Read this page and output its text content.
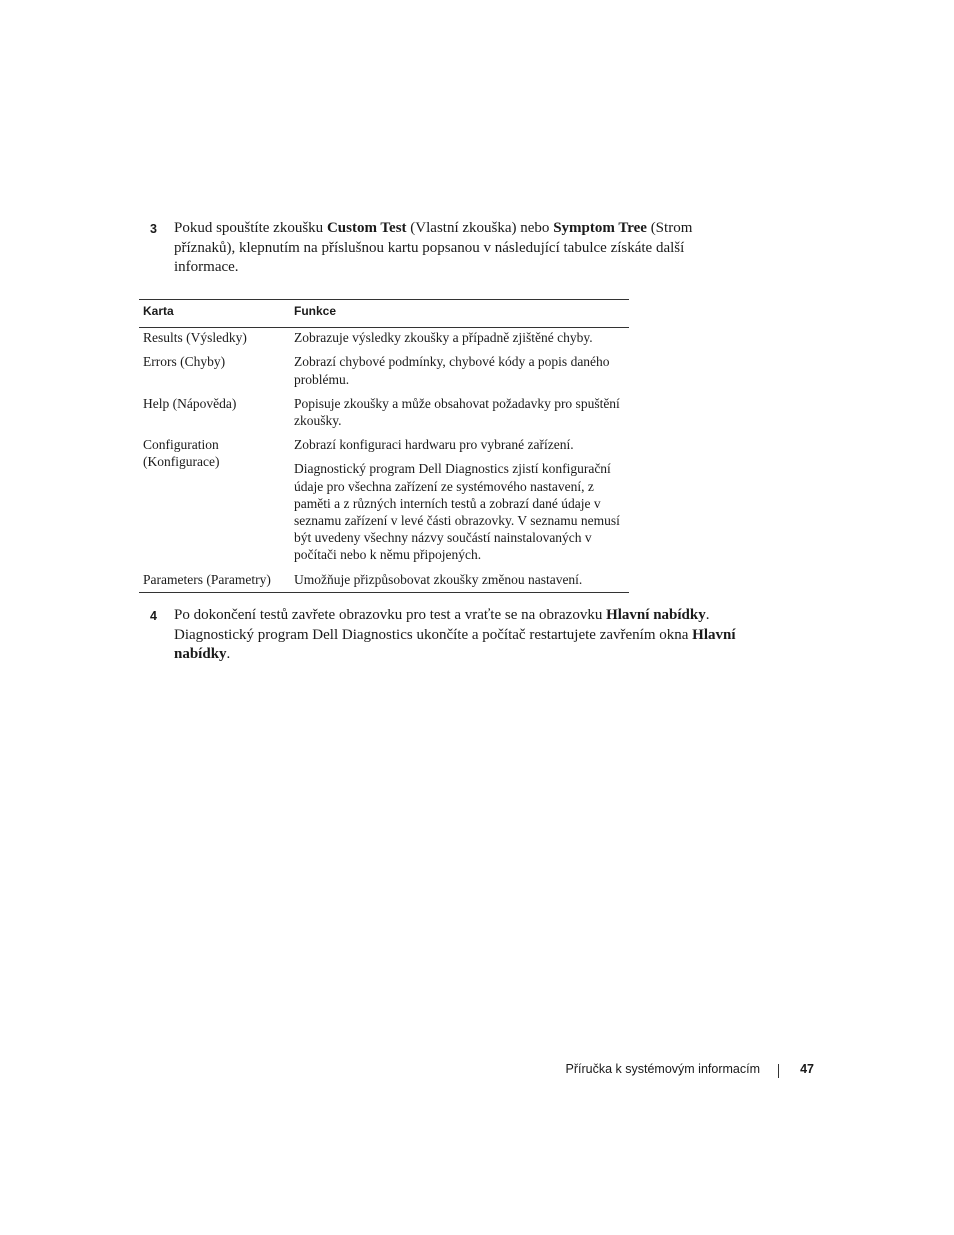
3	Pokud spouštíte zkoušku Custom Test (Vlastní zkouška) nebo Symptom Tree (Strom příznaků), klepnutím na příslušnou kartu popsanou v následující tabulce získáte další informace.
Karta	Funkce
Results (Výsledky)	Zobrazuje výsledky zkoušky a případně zjištěné chyby.

Errors (Chyby)	Zobrazí chybové podmínky, chybové kódy a popis daného problému.

Help (Nápověda)	Popisuje zkoušky a může obsahovat požadavky pro spuštění zkoušky.

Configuration (Konfigurace)	Zobrazí konfiguraci hardwaru pro vybrané zařízení.

Diagnostický program Dell Diagnostics zjistí konfigurační údaje pro všechna zařízení ze systémového nastavení, z paměti a z různých interních testů a zobrazí dané údaje v seznamu zařízení v levé části obrazovky. V seznamu nemusí být uvedeny všechny názvy součástí nainstalovaných v počítači nebo k němu připojených.

Parameters (Parametry)	Umožňuje přizpůsobovat zkoušky změnou nastavení.

4	Po dokončení testů zavřete obrazovku pro test a vraťte se na obrazovku Hlavní nabídky. Diagnostický program Dell Diagnostics ukončíte a počítač restartujete zavřením okna Hlavní nabídky.
Příručka k systémovým informacím	47
